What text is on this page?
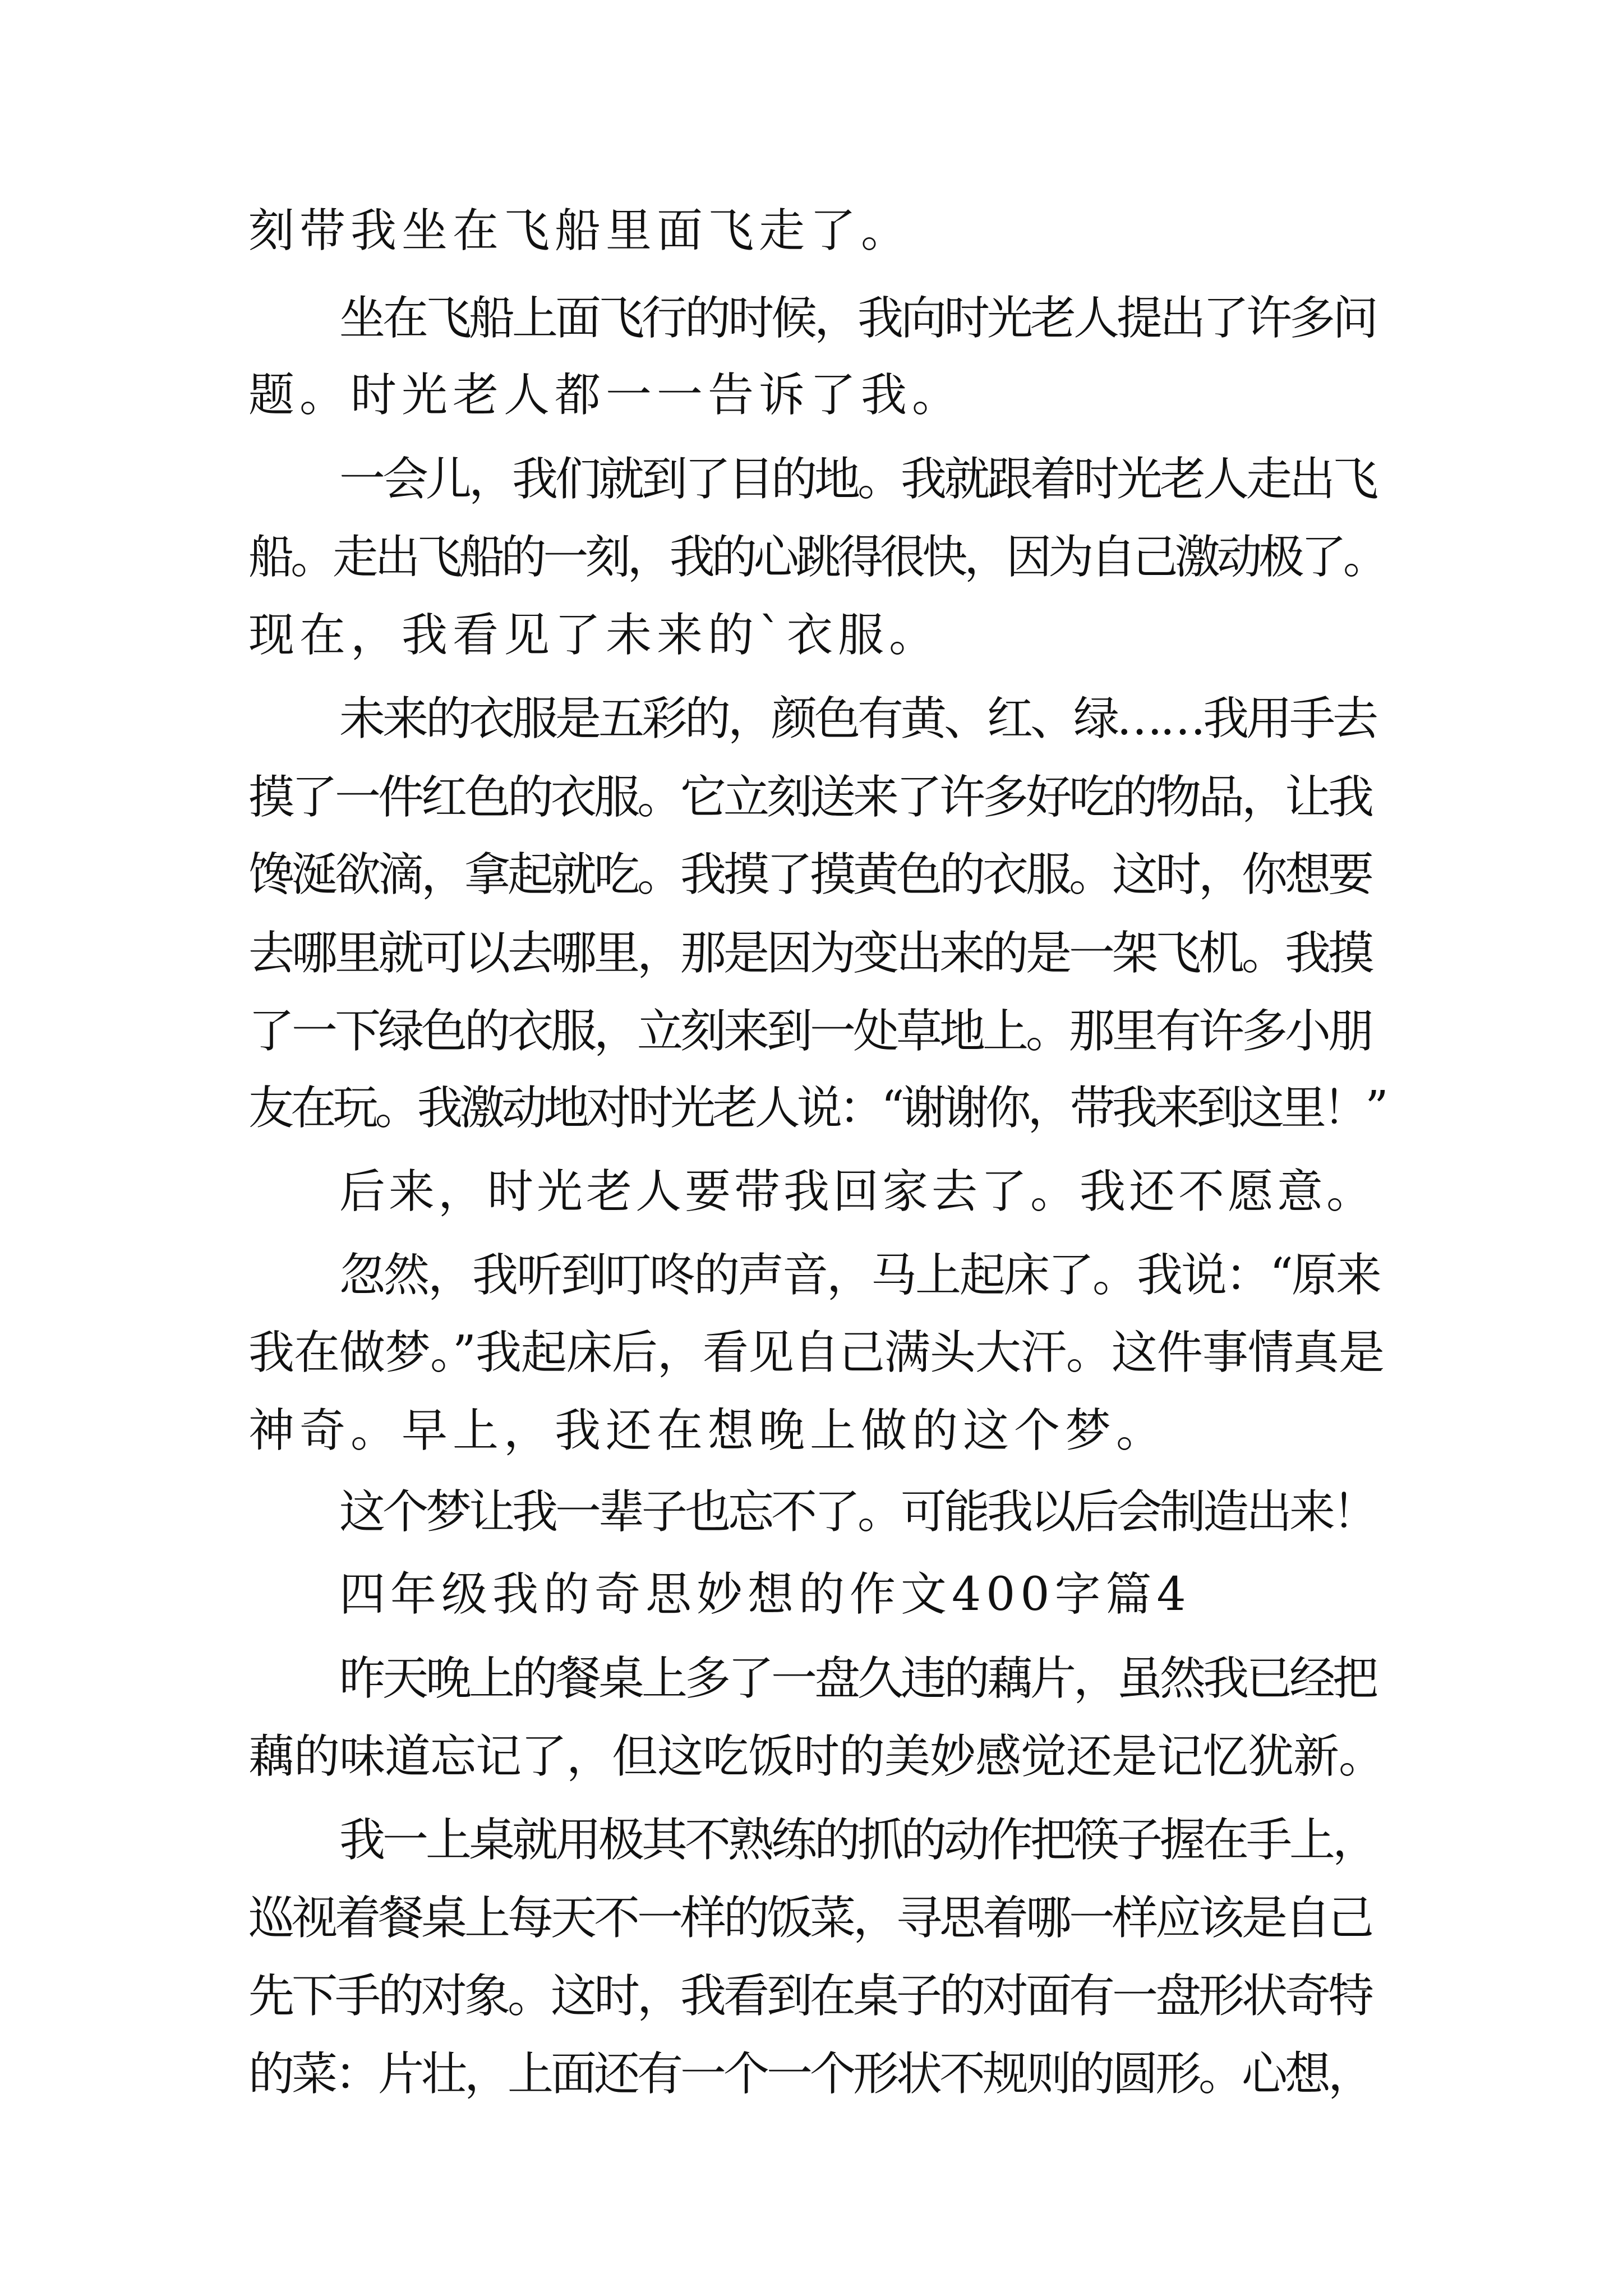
刻带我坐在飞船里面飞走了。

坐在飞船上面飞行的时候，我向时光老人提出了许多问

题。时光老人都一一告诉了我。

一会儿，我们就到了目的地。我就跟着时光老人走出飞

船。走出飞船的一刻，我的心跳得很快，因为自己激动极了。

现在，我看见了未来的`衣服。

未来的衣服是五彩的，颜色有黄、红、绿……我用手去

摸了一件红色的衣服。它立刻送来了许多好吃的物品，让我

馋涎欲滴，拿起就吃。我摸了摸黄色的衣服。这时，你想要

去哪里就可以去哪里，那是因为变出来的是一架飞机。我摸

了一下绿色的衣服，立刻来到一处草地上。那里有许多小朋

友在玩。我激动地对时光老人说：“谢谢你，带我来到这里！”

后来，时光老人要带我回家去了。我还不愿意。

忽然，我听到叮咚的声音，马上起床了。我说：“原来

我在做梦。”我起床后，看见自己满头大汗。这件事情真是

神奇。早上，我还在想晚上做的这个梦。

这个梦让我一辈子也忘不了。可能我以后会制造出来！

四年级我的奇思妙想的作文400字篇4

昨天晚上的餐桌上多了一盘久违的藕片，虽然我已经把

藕的味道忘记了，但这吃饭时的美妙感觉还是记忆犹新。

我一上桌就用极其不熟练的抓的动作把筷子握在手上，

巡视着餐桌上每天不一样的饭菜，寻思着哪一样应该是自己

先下手的对象。这时，我看到在桌子的对面有一盘形状奇特

的菜：片壮，上面还有一个一个形状不规则的圆形。心想，
